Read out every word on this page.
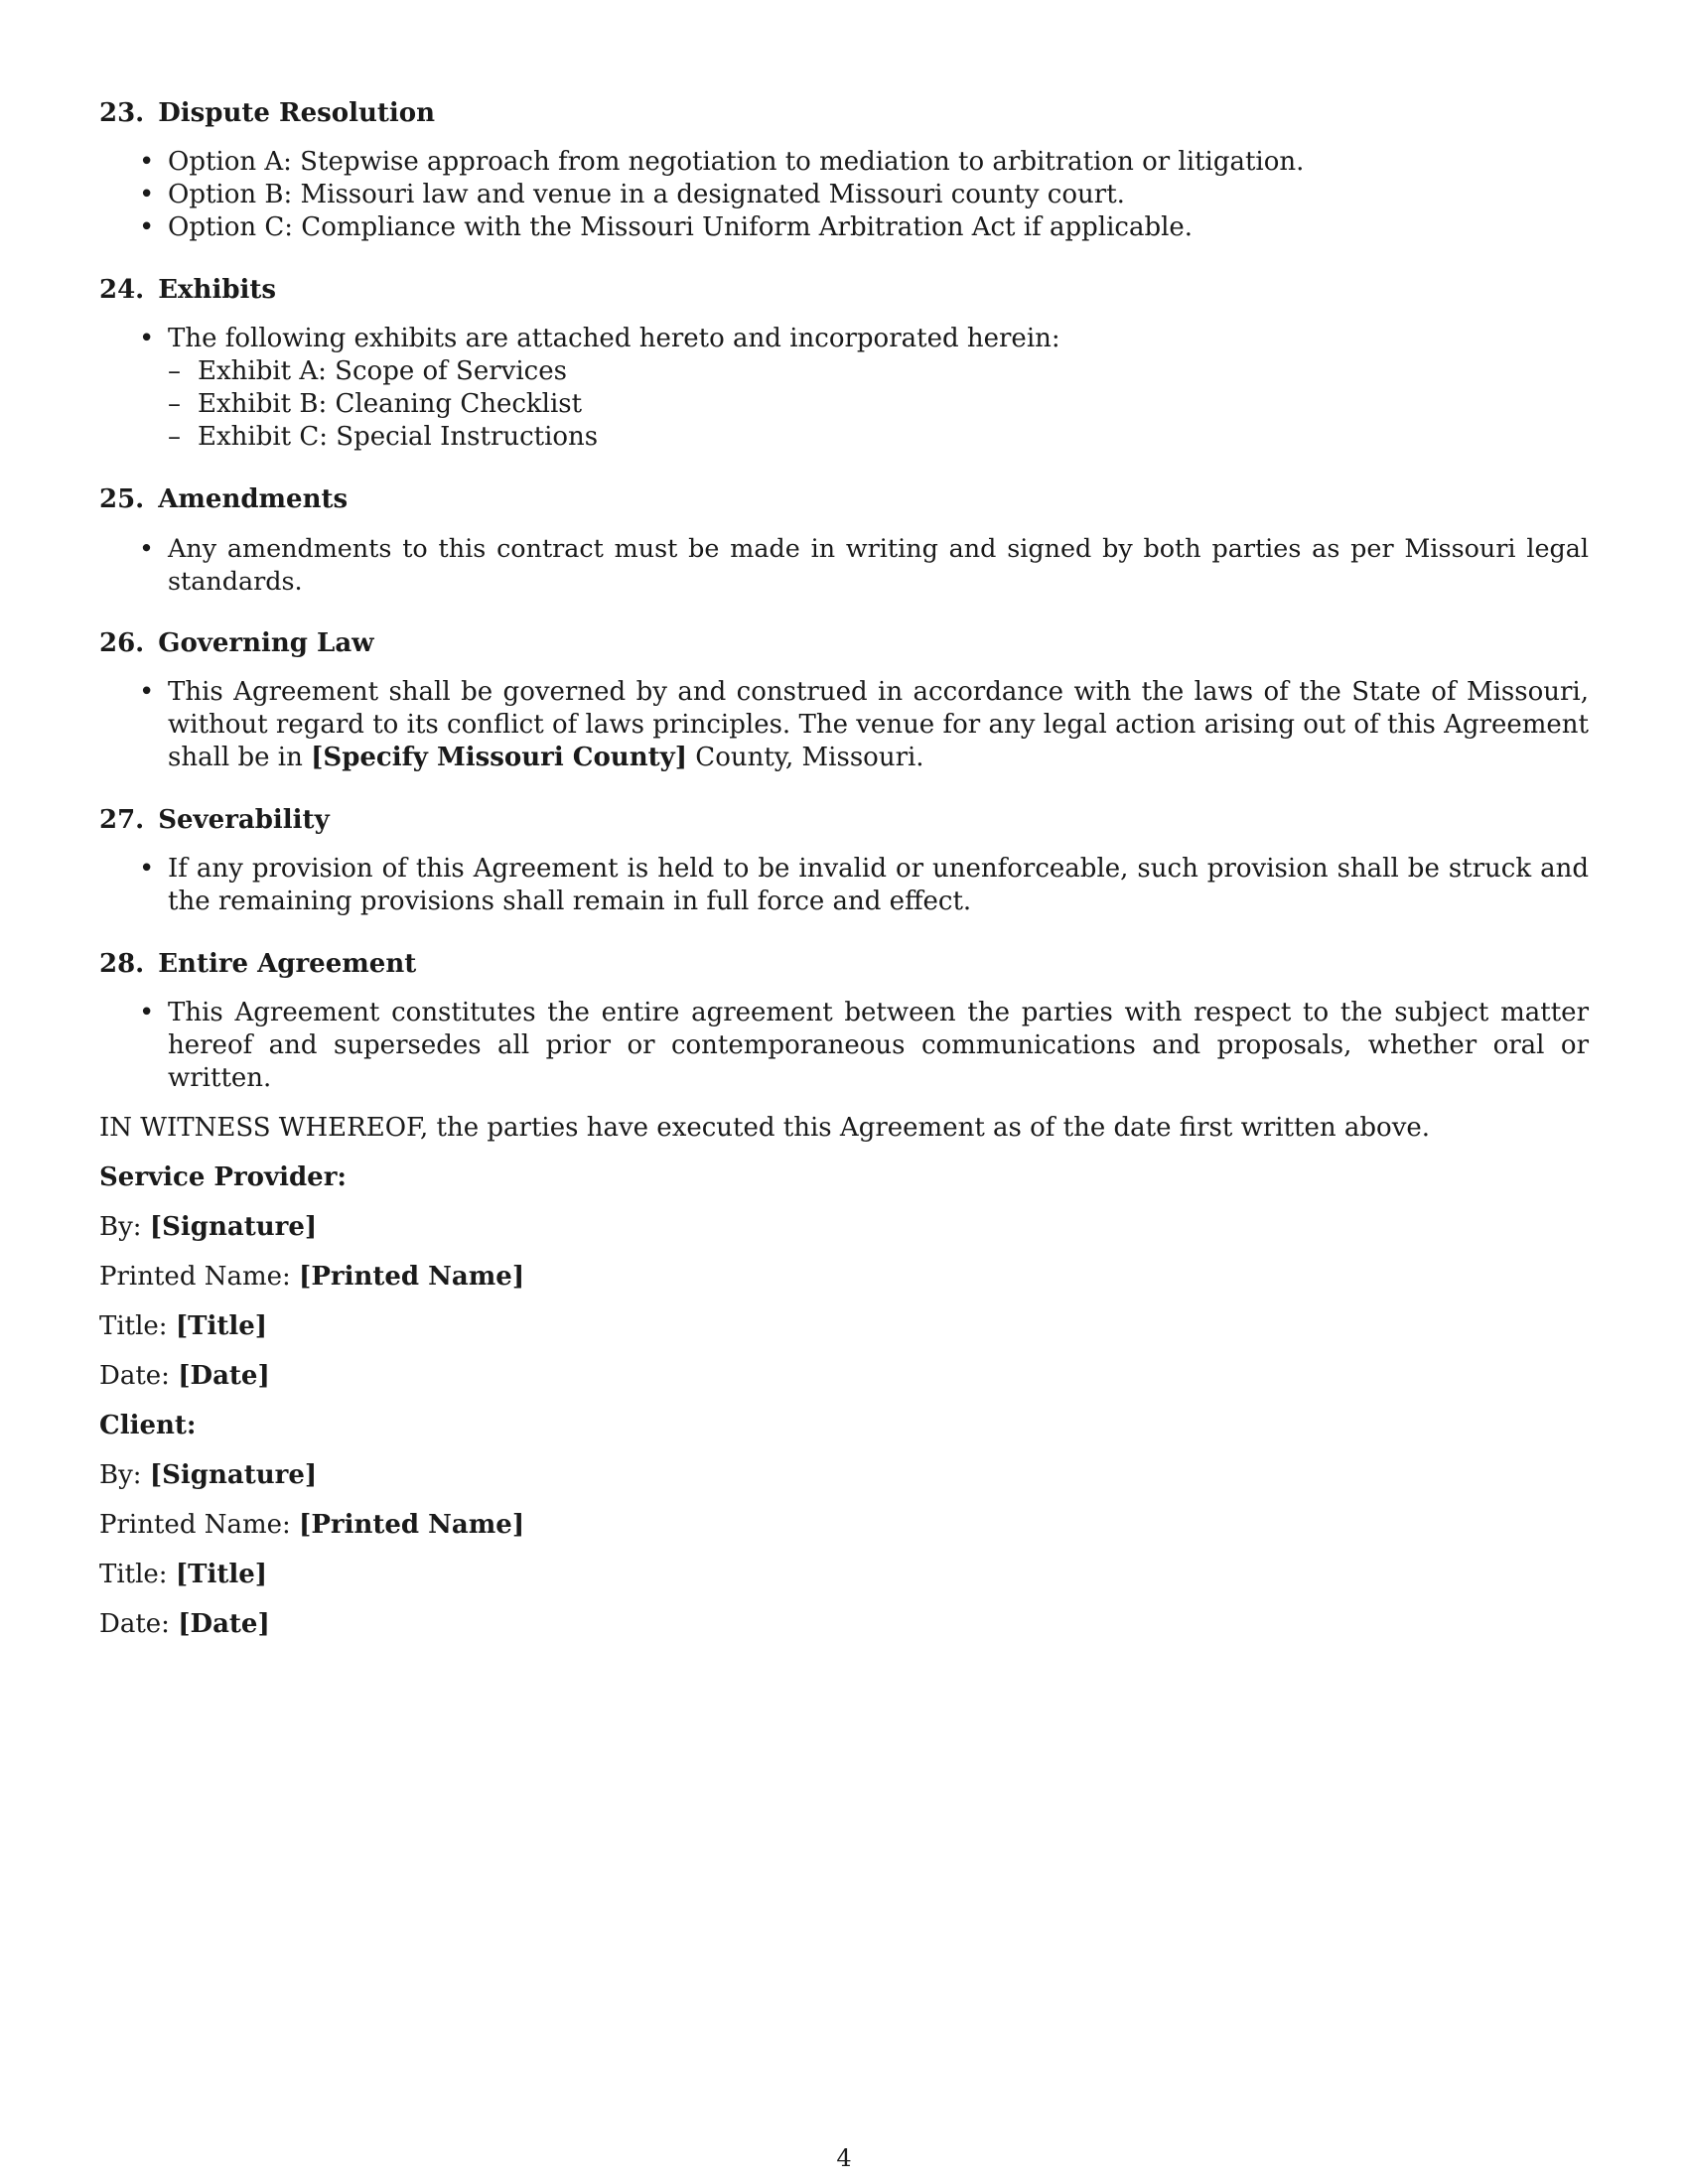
23. Dispute Resolution
• Option A: Stepwise approach from negotiation to mediation to arbitration or litigation.
• Option B: Missouri law and venue in a designated Missouri county court.
• Option C: Compliance with the Missouri Uniform Arbitration Act if applicable.
24. Exhibits
• The following exhibits are attached hereto and incorporated herein:
– Exhibit A: Scope of Services
– Exhibit B: Cleaning Checklist
– Exhibit C: Special Instructions
25. Amendments
• Any amendments to this contract must be made in writing and signed by both parties as per Missouri legal standards.
26. Governing Law
• This Agreement shall be governed by and construed in accordance with the laws of the State of Missouri, without regard to its conflict of laws principles. The venue for any legal action arising out of this Agreement shall be in [Specify Missouri County] County, Missouri.
27. Severability
• If any provision of this Agreement is held to be invalid or unenforceable, such provision shall be struck and the remaining provisions shall remain in full force and effect.
28. Entire Agreement
• This Agreement constitutes the entire agreement between the parties with respect to the subject matter hereof and supersedes all prior or contemporaneous communications and proposals, whether oral or written.

IN WITNESS WHEREOF, the parties have executed this Agreement as of the date first written above.

Service Provider:

By: [Signature]

Printed Name: [Printed Name]

Title: [Title]

Date: [Date]

Client:

By: [Signature]

Printed Name: [Printed Name]

Title: [Title]

Date: [Date]

4
